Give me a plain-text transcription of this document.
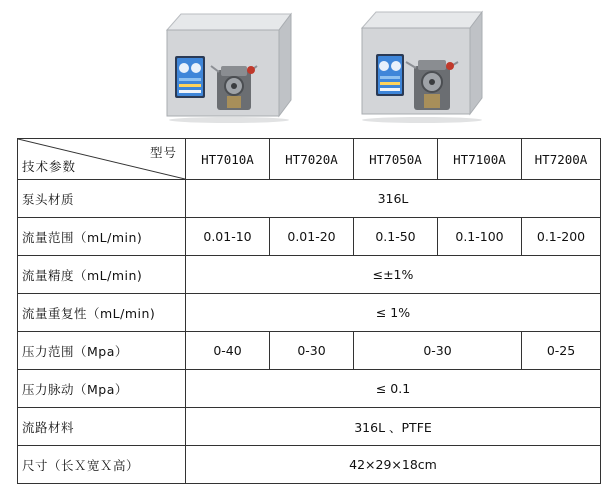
型号
技术参数	HT7010A	HT7020A	HT7050A	HT7100A	HT7200A
泵头材质	316L				
流量范围（mL/min)	0.01-10	0.01-20	0.1-50	0.1-100	0.1-200
流量精度（mL/min)	≤±1%				
流量重复性（mL/min)	≤ 1%				
压力范围（Mpa）	0-40	0-30	0-30		0-25
压力脉动（Mpa）	≤ 0.1				
流路材料	316L 、PTFE				
尺寸（长Ｘ宽Ｘ高）	42×29×18cm				
